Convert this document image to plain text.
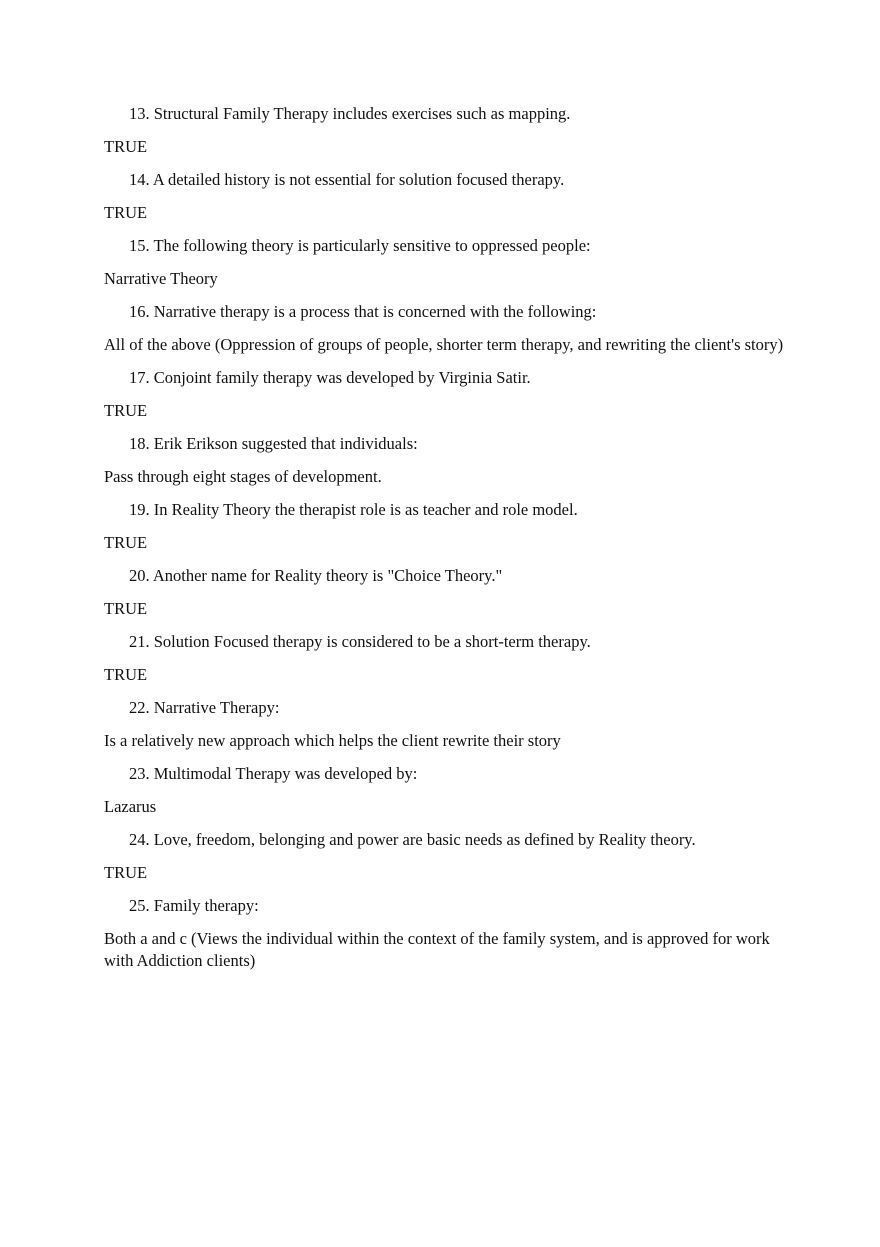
13. Structural Family Therapy includes exercises such as mapping.

TRUE

14. A detailed history is not essential for solution focused therapy.

TRUE

15. The following theory is particularly sensitive to oppressed people:

Narrative Theory

16. Narrative therapy is a process that is concerned with the following:

All of the above (Oppression of groups of people, shorter term therapy, and rewriting the client's story)

17. Conjoint family therapy was developed by Virginia Satir.

TRUE

18. Erik Erikson suggested that individuals:

Pass through eight stages of development.

19. In Reality Theory the therapist role is as teacher and role model.

TRUE

20. Another name for Reality theory is "Choice Theory."

TRUE

21. Solution Focused therapy is considered to be a short-term therapy.

TRUE

22. Narrative Therapy:

Is a relatively new approach which helps the client rewrite their story

23. Multimodal Therapy was developed by:

Lazarus

24. Love, freedom, belonging and power are basic needs as defined by Reality theory.

TRUE

25. Family therapy:

Both a and c (Views the individual within the context of the family system, and is approved for work with Addiction clients)
